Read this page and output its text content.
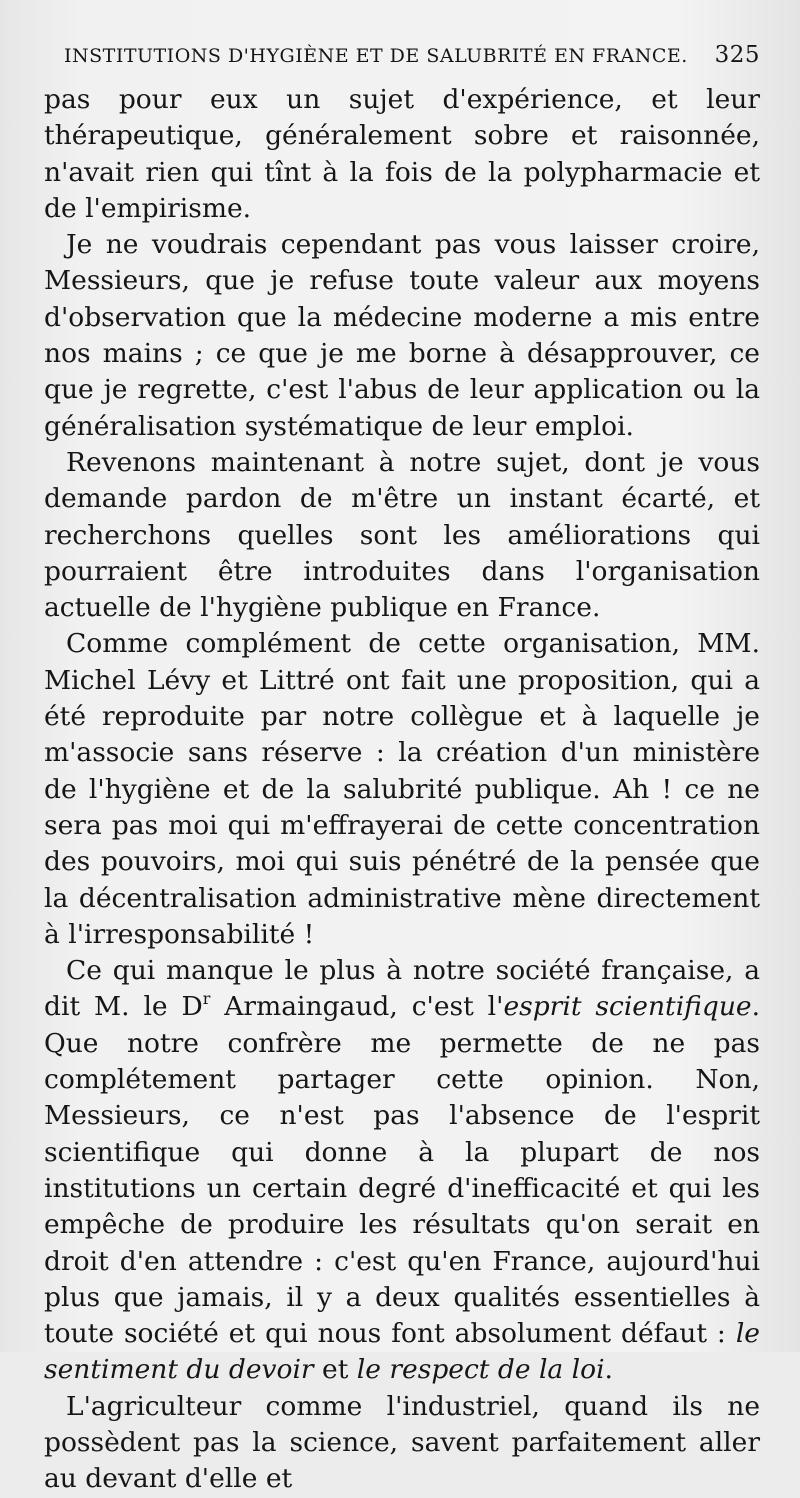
INSTITUTIONS D'HYGIÈNE ET DE SALUBRITÉ EN FRANCE. 325

pas pour eux un sujet d'expérience, et leur thérapeutique, généralement sobre et raisonnée, n'avait rien qui tînt à la fois de la polypharmacie et de l'empirisme.

Je ne voudrais cependant pas vous laisser croire, Messieurs, que je refuse toute valeur aux moyens d'observation que la médecine moderne a mis entre nos mains ; ce que je me borne à désapprouver, ce que je regrette, c'est l'abus de leur application ou la généralisation systématique de leur emploi.

Revenons maintenant à notre sujet, dont je vous demande pardon de m'être un instant écarté, et recherchons quelles sont les améliorations qui pourraient être introduites dans l'organisation actuelle de l'hygiène publique en France.

Comme complément de cette organisation, MM. Michel Lévy et Littré ont fait une proposition, qui a été reproduite par notre collègue et à laquelle je m'associe sans réserve : la création d'un ministère de l'hygiène et de la salubrité publique. Ah ! ce ne sera pas moi qui m'effrayerai de cette concentration des pouvoirs, moi qui suis pénétré de la pensée que la décentralisation administrative mène directement à l'irresponsabilité !

Ce qui manque le plus à notre société française, a dit M. le $D^r$ Armaingaud, c'est l'esprit scientifique. Que notre confrère me permette de ne pas complétement partager cette opinion. Non, Messieurs, ce n'est pas l'absence de l'esprit scientifique qui donne à la plupart de nos institutions un certain degré d'inefficacité et qui les empêche de produire les résultats qu'on serait en droit d'en attendre : c'est qu'en France, aujourd'hui plus que jamais, il y a deux qualités essentielles à toute société et qui nous font absolument défaut : le sentiment du devoir et le respect de la loi.

L'agriculteur comme l'industriel, quand ils ne possèdent pas la science, savent parfaitement aller au devant d'elle et
